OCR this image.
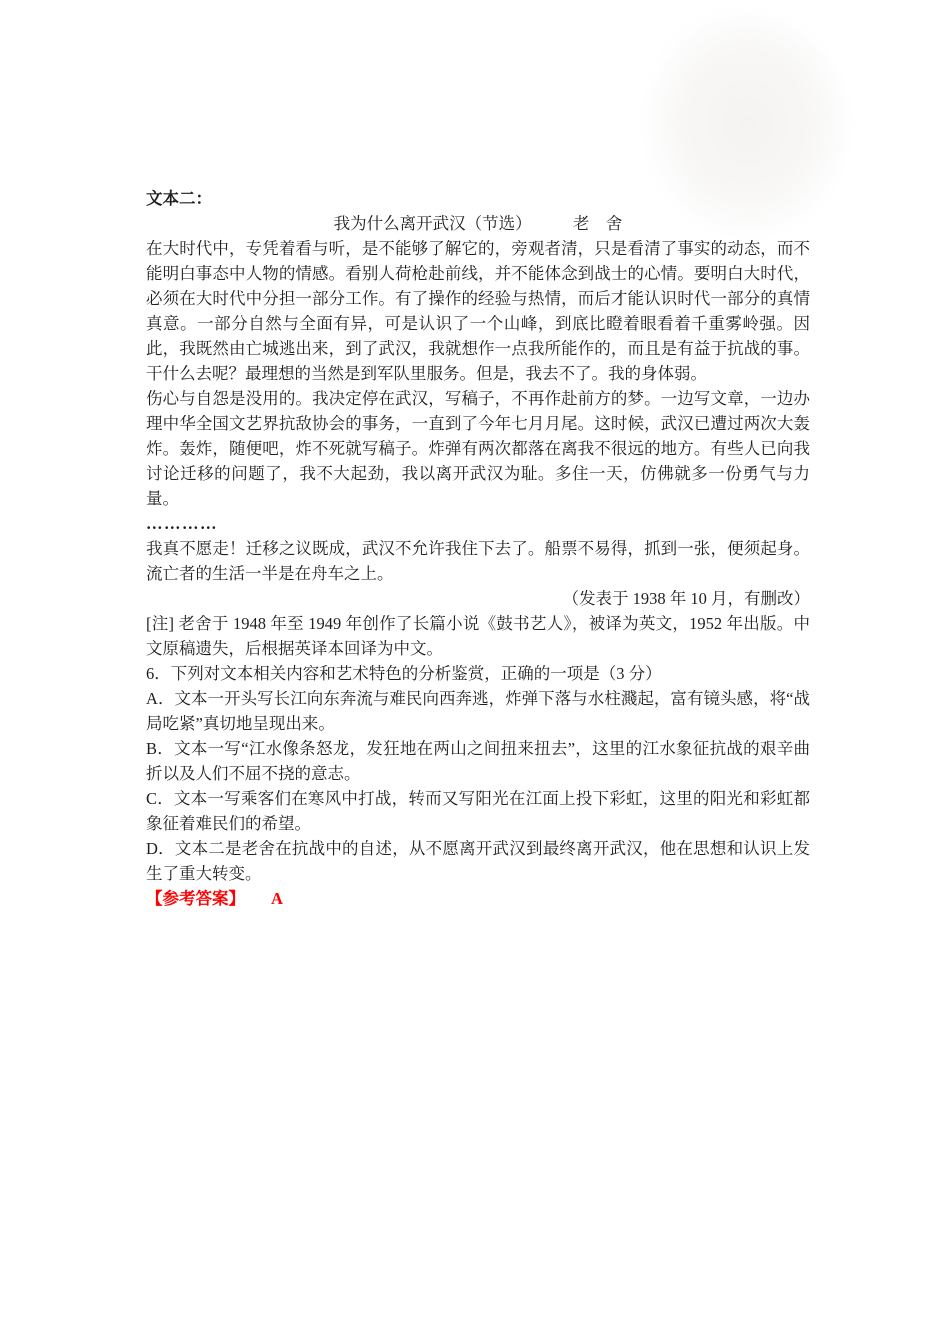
文本二：
我为什么离开武汉（节选）　　　老　舍

在大时代中，专凭着看与听，是不能够了解它的，旁观者清，只是看清了事实的动态，而不能明白事态中人物的情感。看别人荷枪赴前线，并不能体念到战士的心情。要明白大时代，必须在大时代中分担一部分工作。有了操作的经验与热情，而后才能认识时代一部分的真情真意。一部分自然与全面有异，可是认识了一个山峰，到底比瞪着眼看着千重雾岭强。因此，我既然由亡城逃出来，到了武汉，我就想作一点我所能作的，而且是有益于抗战的事。干什么去呢？最理想的当然是到军队里服务。但是，我去不了。我的身体弱。

伤心与自怨是没用的。我决定停在武汉，写稿子，不再作赴前方的梦。一边写文章，一边办理中华全国文艺界抗敌协会的事务，一直到了今年七月月尾。这时候，武汉已遭过两次大轰炸。轰炸，随便吧，炸不死就写稿子。炸弹有两次都落在离我不很远的地方。有些人已向我讨论迁移的问题了，我不大起劲，我以离开武汉为耻。多住一天，仿佛就多一份勇气与力量。

…………

我真不愿走！迁移之议既成，武汉不允许我住下去了。船票不易得，抓到一张，便须起身。流亡者的生活一半是在舟车之上。

（发表于 1938 年 10 月，有删改）

[注] 老舍于 1948 年至 1949 年创作了长篇小说《鼓书艺人》，被译为英文，1952 年出版。中文原稿遗失，后根据英译本回译为中文。

6．下列对文本相关内容和艺术特色的分析鉴赏，正确的一项是（3 分）

A．文本一开头写长江向东奔流与难民向西奔逃，炸弹下落与水柱濺起，富有镜头感，将“战局吃紧”真切地呈现出来。

B．文本一写“江水像条怒龙，发狂地在两山之间扭来扭去”，这里的江水象征抗战的艰辛曲折以及人们不屈不挠的意志。

C．文本一写乘客们在寒风中打战，转而又写阳光在江面上投下彩虹，这里的阳光和彩虹都象征着难民们的希望。

D．文本二是老舍在抗战中的自述，从不愿离开武汉到最终离开武汉，他在思想和认识上发生了重大转变。

【参考答案】 A
